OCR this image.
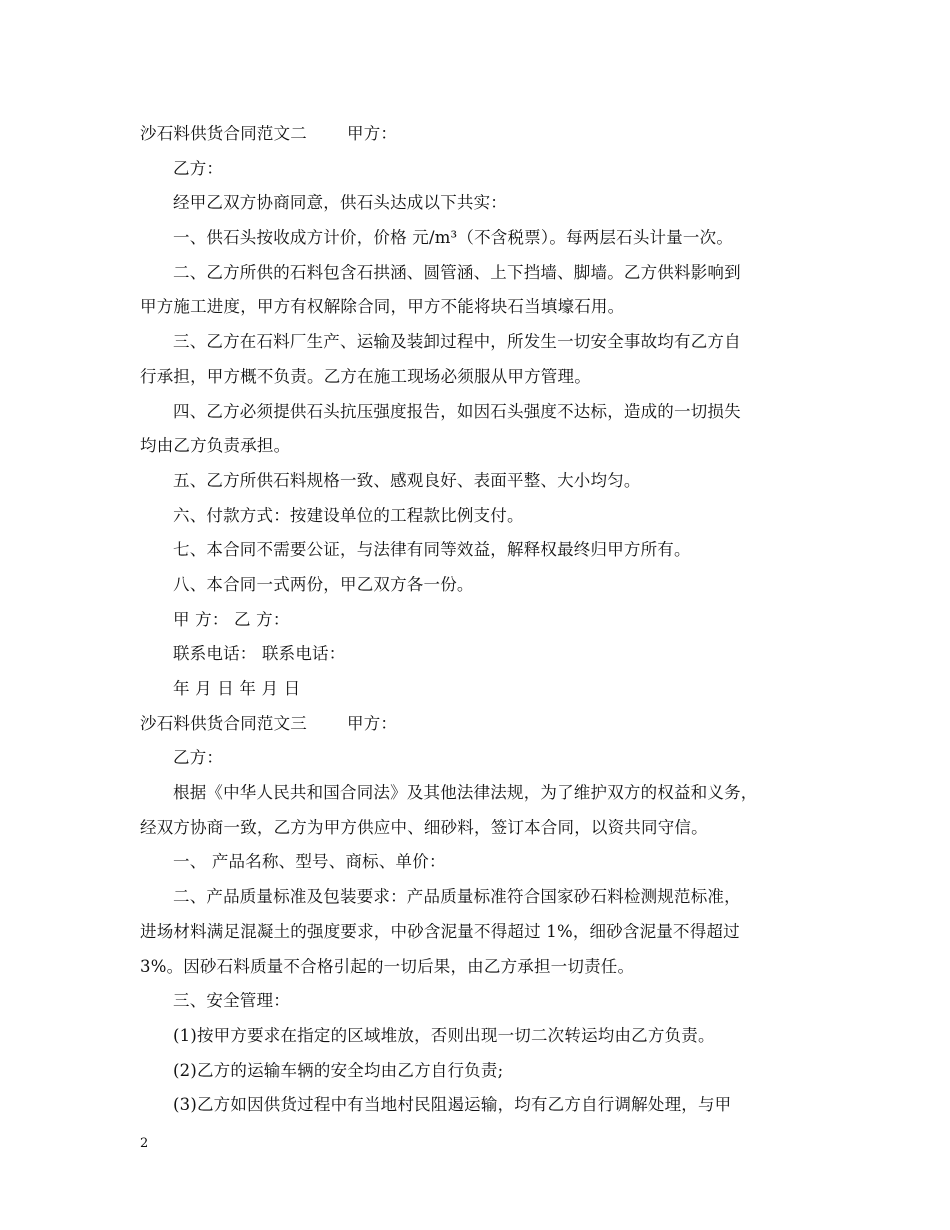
沙石料供货合同范文二 甲方：
乙方：
经甲乙双方协商同意，供石头达成以下共实：
一、供石头按收成方计价，价格 元/m³（不含税票）。每两层石头计量一次。
二、乙方所供的石料包含石拱涵、圆管涵、上下挡墙、脚墙。乙方供料影响到
甲方施工进度，甲方有权解除合同，甲方不能将块石当填壕石用。
三、乙方在石料厂生产、运输及装卸过程中，所发生一切安全事故均有乙方自
行承担，甲方概不负责。乙方在施工现场必须服从甲方管理。
四、乙方必须提供石头抗压强度报告，如因石头强度不达标，造成的一切损失
均由乙方负责承担。
五、乙方所供石料规格一致、感观良好、表面平整、大小均匀。
六、付款方式：按建设单位的工程款比例支付。
七、本合同不需要公证，与法律有同等效益，解释权最终归甲方所有。
八、本合同一式两份，甲乙双方各一份。
甲 方： 乙 方：
联系电话： 联系电话：
年 月 日 年 月 日
沙石料供货合同范文三 甲方：
乙方：
根据《中华人民共和国合同法》及其他法律法规，为了维护双方的权益和义务，
经双方协商一致，乙方为甲方供应中、细砂料，签订本合同，以资共同守信。
一、 产品名称、型号、商标、单价：
二、产品质量标准及包装要求：产品质量标准符合国家砂石料检测规范标准，
进场材料满足混凝土的强度要求，中砂含泥量不得超过 1%，细砂含泥量不得超过
3%。因砂石料质量不合格引起的一切后果，由乙方承担一切责任。
三、安全管理：
(1)按甲方要求在指定的区域堆放，否则出现一切二次转运均由乙方负责。
(2)乙方的运输车辆的安全均由乙方自行负责;
(3)乙方如因供货过程中有当地村民阻遏运输，均有乙方自行调解处理，与甲
2
